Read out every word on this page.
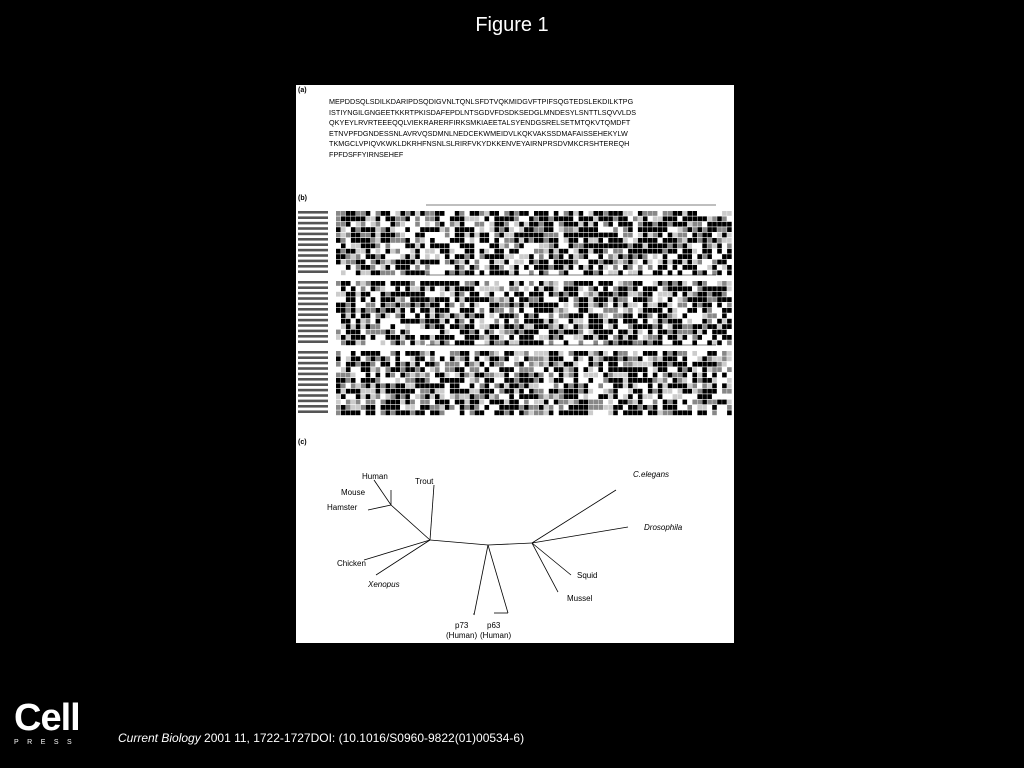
Figure 1
(a)
MEPDDSQLSDILKDARIPDSQDIGVNLTQNLSFDTVQKMIDGVFTPIFSQGTEDSLEKDILKTPG
ISTIYNGILGNGEETKKRTPKISDAFEPDLNTSGDVFDSDKSEDGLMNDESYLSNTTLSQVVLDS
QKYEYLRVRTEEEQQLVIEKRARERFIRKSMKIAEETALSYENDGSRELSETMTQKVTQMDFT
ETNVPFDGNDESSNLAVRVQSDMNLNEDCEKWMEIDVLKQKVAKSSDMAFAISSEHEKYLW
TKMGCLVPIQVKWKLDKRHFNSNLSLRIRFVKYDKKENVEYAIRNPRSDVMKCRSHTEREQH
FPFDSFFYIRNSEHEF
(b)
(c)
Human
Mouse
Hamster
Trout
Chicken
Xenopus
C.elegans
Drosophila
Squid
Mussel
p73
(Human)
p63
(Human)
Cell
PRESS	Current Biology 2001 11, 1722-1727DOI: (10.1016/S0960-9822(01)00534-6)
